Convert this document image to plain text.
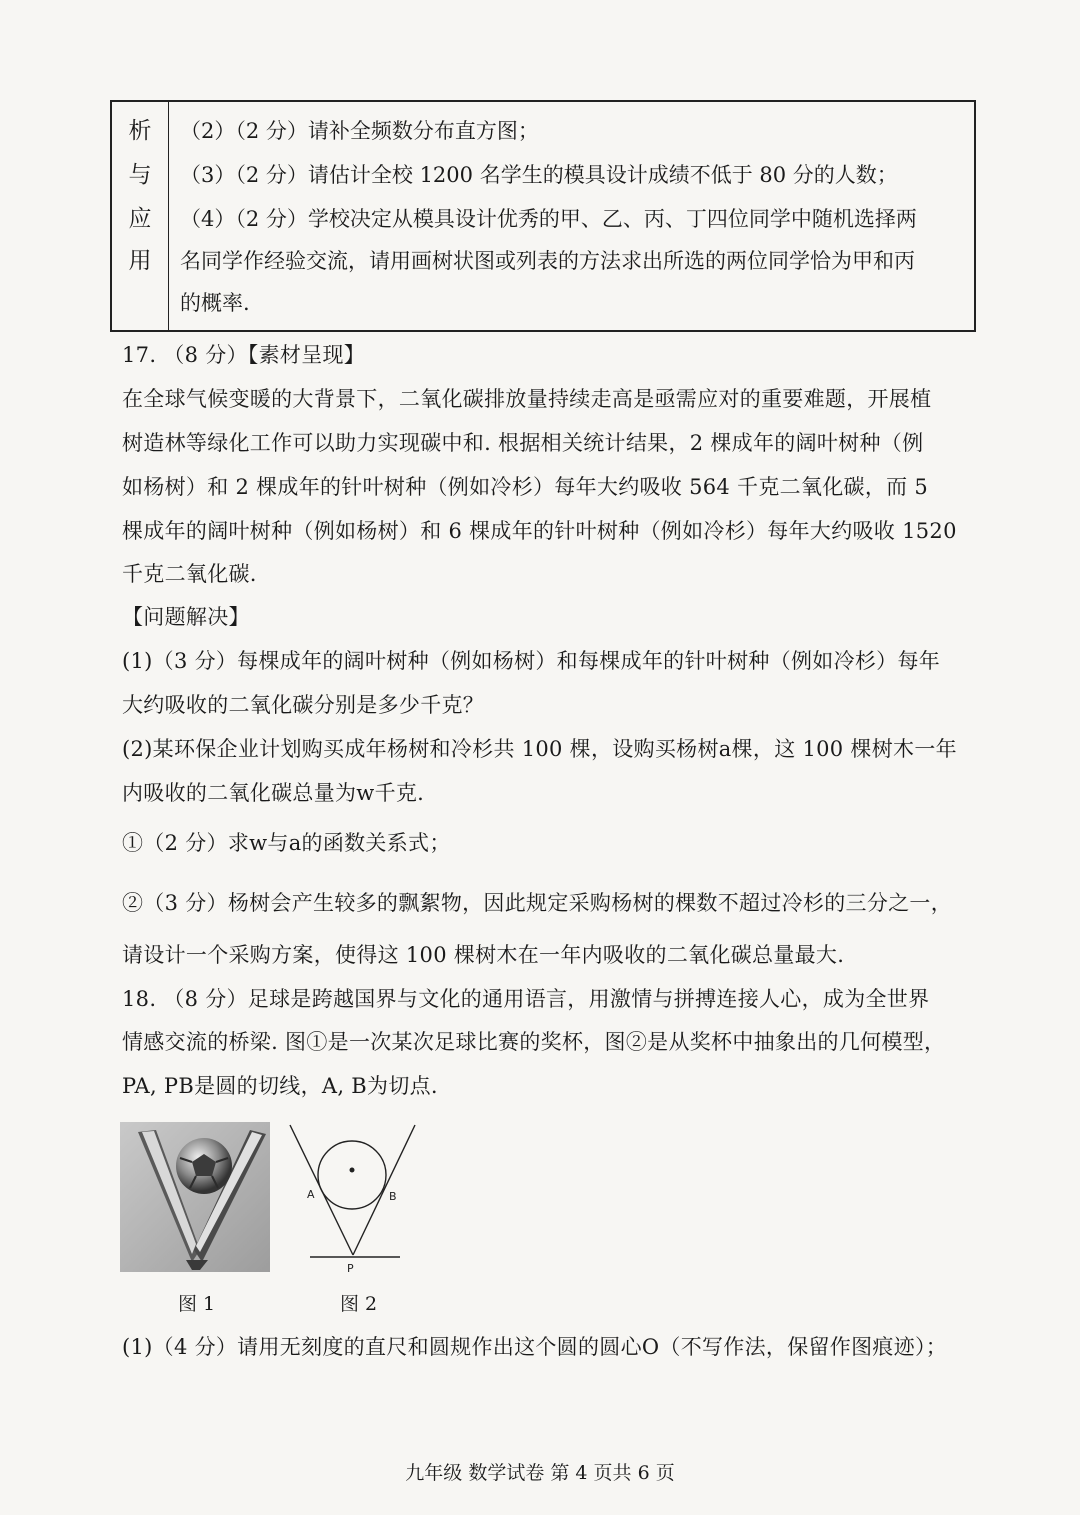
析
与
应
用
（2）（2 分）请补全频数分布直方图；
（3）（2 分）请估计全校 1200 名学生的模具设计成绩不低于 80 分的人数；
（4）（2 分）学校决定从模具设计优秀的甲、乙、丙、丁四位同学中随机选择两
名同学作经验交流，请用画树状图或列表的方法求出所选的两位同学恰为甲和丙
的概率.
17. （8 分）【素材呈现】
在全球气候变暖的大背景下，二氧化碳排放量持续走高是亟需应对的重要难题，开展植
树造林等绿化工作可以助力实现碳中和. 根据相关统计结果，2 棵成年的阔叶树种（例
如杨树）和 2 棵成年的针叶树种（例如冷杉）每年大约吸收 564 千克二氧化碳，而 5
棵成年的阔叶树种（例如杨树）和 6 棵成年的针叶树种（例如冷杉）每年大约吸收 1520
千克二氧化碳.
【问题解决】
(1)（3 分）每棵成年的阔叶树种（例如杨树）和每棵成年的针叶树种（例如冷杉）每年
大约吸收的二氧化碳分别是多少千克？
(2)某环保企业计划购买成年杨树和冷杉共 100 棵，设购买杨树a棵，这 100 棵树木一年
内吸收的二氧化碳总量为w千克.
①（2 分）求w与a的函数关系式；
②（3 分）杨树会产生较多的飘絮物，因此规定采购杨树的棵数不超过冷杉的三分之一，
请设计一个采购方案，使得这 100 棵树木在一年内吸收的二氧化碳总量最大.
18. （8 分）足球是跨越国界与文化的通用语言，用激情与拼搏连接人心，成为全世界
情感交流的桥梁. 图①是一次某次足球比赛的奖杯，图②是从奖杯中抽象出的几何模型，
PA, PB是圆的切线，A, B为切点.
A	B
P
图 1	图 2
(1)（4 分）请用无刻度的直尺和圆规作出这个圆的圆心O（不写作法，保留作图痕迹）；
九年级 数学试卷 第 4 页共 6 页
